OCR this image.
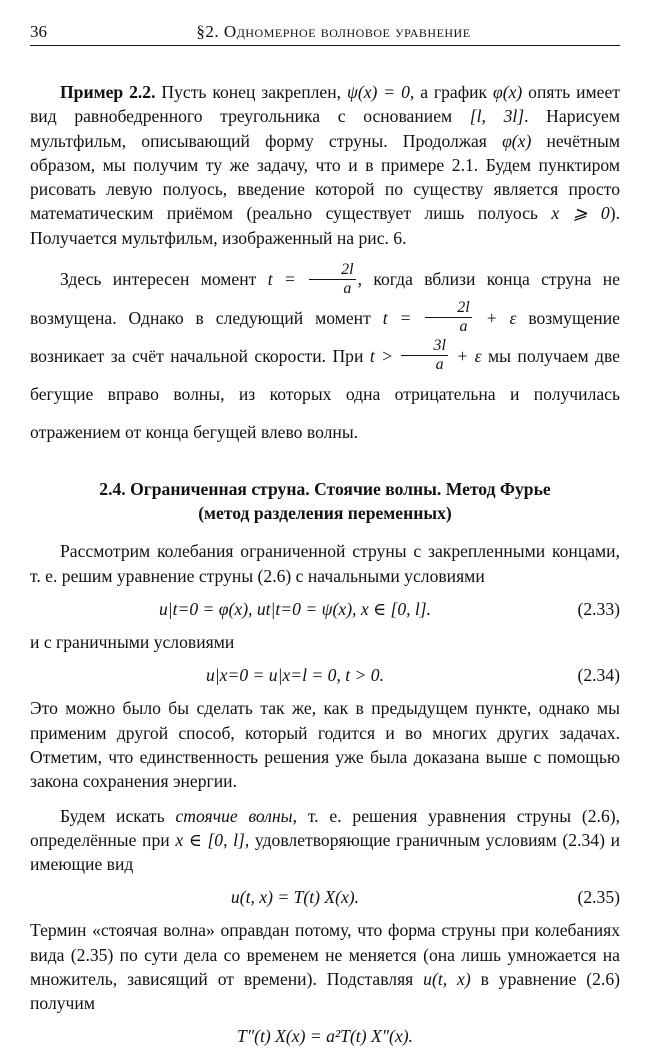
36	§2. Одномерное волновое уравнение

Пример 2.2. Пусть конец закреплен, ψ(x) = 0, а график φ(x) опять имеет вид равнобедренного треугольника с основанием [l, 3l]. Нарисуем мультфильм, описывающий форму струны. Продолжая φ(x) нечётным образом, мы получим ту же задачу, что и в примере 2.1. Будем пунктиром рисовать левую полуось, введение которой по существу является просто математическим приёмом (реально существует лишь полуось x ⩾ 0). Получается мультфильм, изображенный на рис. 6.

Здесь интересен момент $t = \frac{2l}{a}$ , когда вблизи конца струна не возмущена. Однако в следующий момент $t = \frac{2l}{a} + \varepsilon$ возмущение возникает за счёт начальной скорости. При $t > \frac{3l}{a} + \varepsilon$ мы получаем две бегущие вправо волны, из которых одна отрицательна и получилась отражением от конца бегущей влево волны.

2.4. Ограниченная струна. Стоячие волны. Метод Фурье
(метод разделения переменных)

Рассмотрим колебания ограниченной струны с закрепленными концами, т. е. решим уравнение струны (2.6) с начальными условиями

u|t=0 = φ(x), ut|t=0 = ψ(x), x ∈ [0, l].	(2.33)

и с граничными условиями

u|x=0 = u|x=l = 0, t > 0.	(2.34)

Это можно было бы сделать так же, как в предыдущем пункте, однако мы применим другой способ, который годится и во многих других задачах. Отметим, что единственность решения уже была доказана выше с помощью закона сохранения энергии.

Будем искать стоячие волны, т. е. решения уравнения струны (2.6), определённые при x ∈ [0, l], удовлетворяющие граничным условиям (2.34) и имеющие вид

u(t, x) = T(t) X(x).	(2.35)

Термин «стоячая волна» оправдан потому, что форма струны при колебаниях вида (2.35) по сути дела со временем не меняется (она лишь умножается на множитель, зависящий от времени). Подставляя u(t, x) в уравнение (2.6) получим

T″(t) X(x) = a²T(t) X″(x).
